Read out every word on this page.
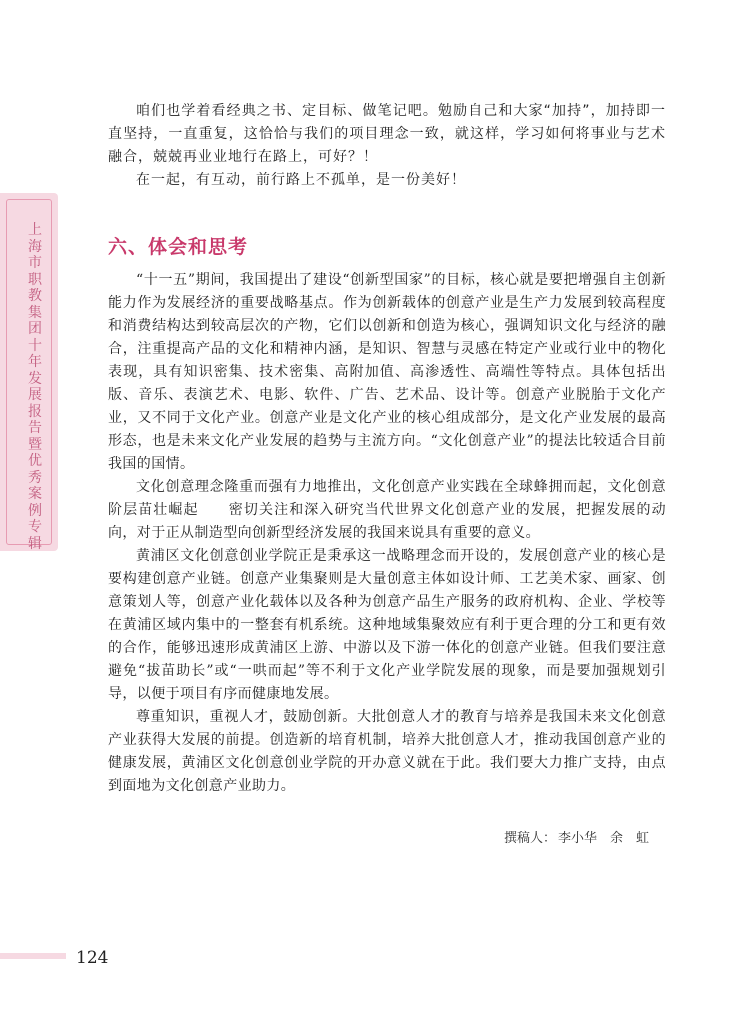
上海市职教集团十年发展报告暨优秀案例专辑

咱们也学着看经典之书、定目标、做笔记吧。勉励自己和大家“加持”，加持即一直坚持，一直重复，这恰恰与我们的项目理念一致，就这样，学习如何将事业与艺术融合，兢兢再业业地行在路上，可好？！

在一起，有互动，前行路上不孤单，是一份美好！

六、体会和思考

“十一五”期间，我国提出了建设“创新型国家”的目标，核心就是要把增强自主创新能力作为发展经济的重要战略基点。作为创新载体的创意产业是生产力发展到较高程度和消费结构达到较高层次的产物，它们以创新和创造为核心，强调知识文化与经济的融合，注重提高产品的文化和精神内涵，是知识、智慧与灵感在特定产业或行业中的物化表现，具有知识密集、技术密集、高附加值、高渗透性、高端性等特点。具体包括出版、音乐、表演艺术、电影、软件、广告、艺术品、设计等。创意产业脱胎于文化产业，又不同于文化产业。创意产业是文化产业的核心组成部分，是文化产业发展的最高形态，也是未来文化产业发展的趋势与主流方向。“文化创意产业”的提法比较适合目前我国的国情。

文化创意理念隆重而强有力地推出，文化创意产业实践在全球蜂拥而起，文化创意阶层苗壮崛起　　密切关注和深入研究当代世界文化创意产业的发展，把握发展的动向，对于正从制造型向创新型经济发展的我国来说具有重要的意义。

黄浦区文化创意创业学院正是秉承这一战略理念而开设的，发展创意产业的核心是要构建创意产业链。创意产业集聚则是大量创意主体如设计师、工艺美术家、画家、创意策划人等，创意产业化载体以及各种为创意产品生产服务的政府机构、企业、学校等在黄浦区域内集中的一整套有机系统。这种地域集聚效应有利于更合理的分工和更有效的合作，能够迅速形成黄浦区上游、中游以及下游一体化的创意产业链。但我们要注意避免“拔苗助长”或“一哄而起”等不利于文化产业学院发展的现象，而是要加强规划引导，以便于项目有序而健康地发展。

尊重知识，重视人才，鼓励创新。大批创意人才的教育与培养是我国未来文化创意产业获得大发展的前提。创造新的培育机制，培养大批创意人才，推动我国创意产业的健康发展，黄浦区文化创意创业学院的开办意义就在于此。我们要大力推广支持，由点到面地为文化创意产业助力。

撰稿人： 李小华　余　虹
124
